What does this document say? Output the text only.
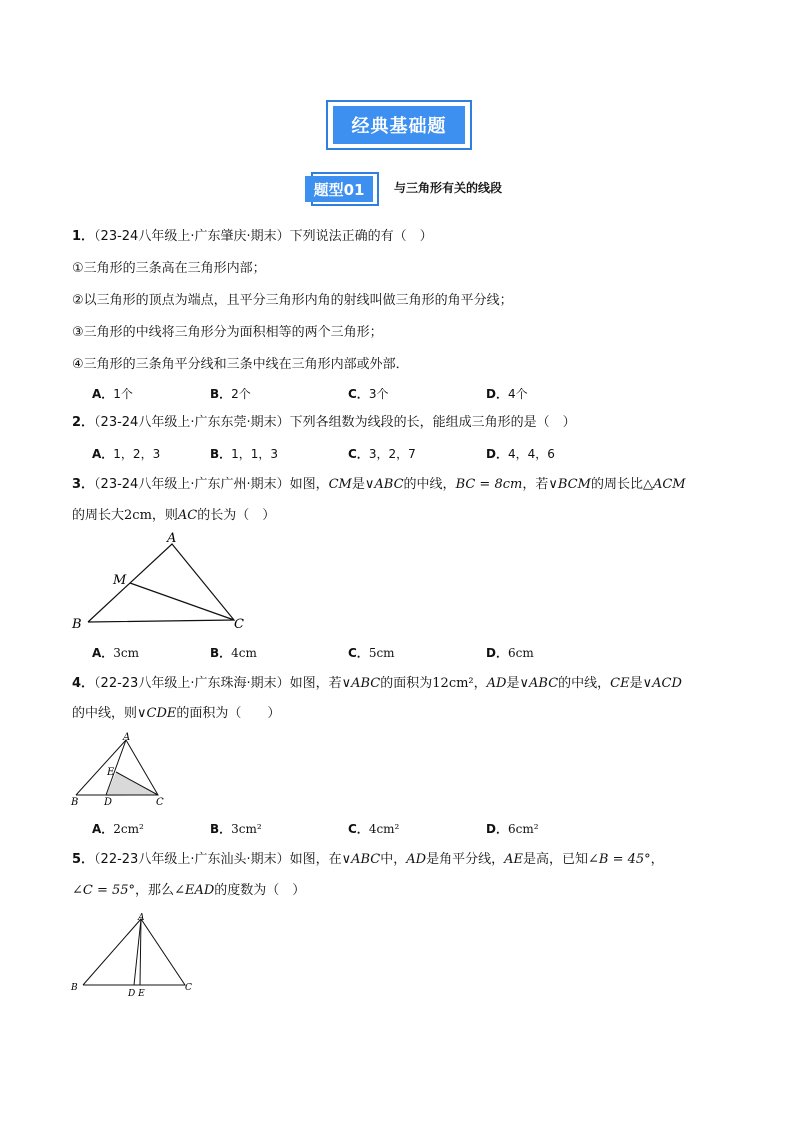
经典基础题
题型01	与三角形有关的线段
1．（23-24八年级上·广东肇庆·期末）下列说法正确的有（　）
①三角形的三条高在三角形内部；
②以三角形的顶点为端点，且平分三角形内角的射线叫做三角形的角平分线；
③三角形的中线将三角形分为面积相等的两个三角形；
④三角形的三条角平分线和三条中线在三角形内部或外部．
A．1个	B．2个	C．3个	D．4个
2．（23-24八年级上·广东东莞·期末）下列各组数为线段的长，能组成三角形的是（　）
A．1，2，3	B．1，1，3	C．3，2，7	D．4，4，6
3．（23-24八年级上·广东广州·期末）如图，CM是∨ABC的中线，BC = 8cm，若∨BCM的周长比△ACM
的周长大2cm，则AC的长为（　）
A
M
B	C
A．3cm	B．4cm	C．5cm	D．6cm
4．（22-23八年级上·广东珠海·期末）如图，若∨ABC的面积为12cm²，AD是∨ABC的中线，CE是∨ACD
的中线，则∨CDE的面积为（　　）
A
E
B	D	C
A．2cm²	B．3cm²	C．4cm²	D．6cm²
5．（22-23八年级上·广东汕头·期末）如图，在∨ABC中，AD是角平分线，AE是高，已知∠B = 45°，
∠C = 55°，那么∠EAD的度数为（　）
A
B
D E
C
